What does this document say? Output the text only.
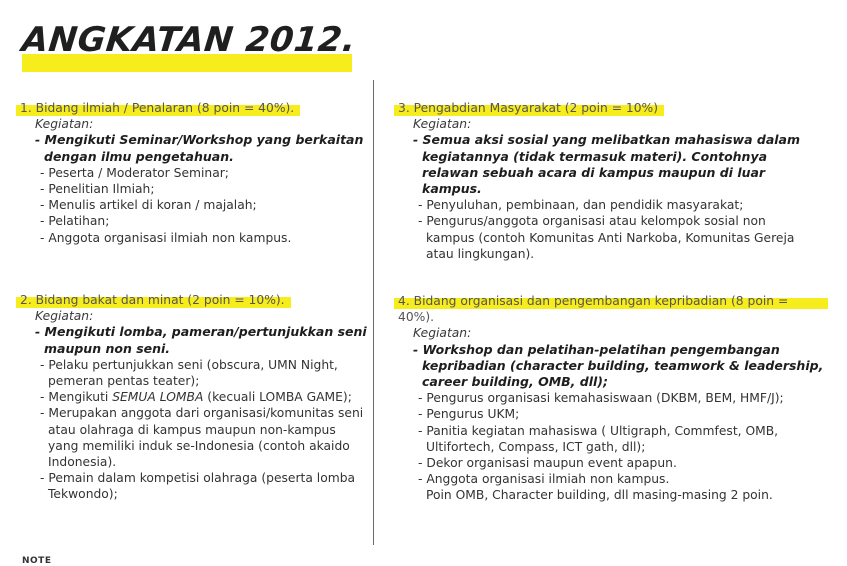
ANGKATAN 2012.
1. Bidang ilmiah / Penalaran (8 poin = 40%).

Kegiatan:

- Mengikuti Seminar/Workshop yang berkaitan dengan ilmu pengetahuan.

- Peserta / Moderator Seminar;

- Penelitian Ilmiah;

- Menulis artikel di koran / majalah;

- Pelatihan;

- Anggota organisasi ilmiah non kampus.

2. Bidang bakat dan minat (2 poin = 10%).

Kegiatan:

- Mengikuti lomba, pameran/pertunjukkan seni maupun non seni.

- Pelaku pertunjukkan seni (obscura, UMN Night, pemeran pentas teater);

- Mengikuti SEMUA LOMBA (kecuali LOMBA GAME);

- Merupakan anggota dari organisasi/komunitas seni atau olahraga di kampus maupun non-kampus yang memiliki induk se-Indonesia (contoh akaido Indonesia).

- Pemain dalam kompetisi olahraga (peserta lomba Tekwondo);

3. Pengabdian Masyarakat (2 poin = 10%)

Kegiatan:

- Semua aksi sosial yang melibatkan mahasiswa dalam kegiatannya (tidak termasuk materi). Contohnya relawan sebuah acara di kampus maupun di luar kampus.

- Penyuluhan, pembinaan, dan pendidik masyarakat;

- Pengurus/anggota organisasi atau kelompok sosial non kampus (contoh Komunitas Anti Narkoba, Komunitas Gereja atau lingkungan).

4. Bidang organisasi dan pengembangan kepribadian (8 poin = 40%).

Kegiatan:

- Workshop dan pelatihan-pelatihan pengembangan kepribadian (character building, teamwork & leadership, career building, OMB, dll);

- Pengurus organisasi kemahasiswaan (DKBM, BEM, HMF/J);

- Pengurus UKM;

- Panitia kegiatan mahasiswa ( Ultigraph, Commfest, OMB, Ultifortech, Compass, ICT gath, dll);

- Dekor organisasi maupun event apapun.

- Anggota organisasi ilmiah non kampus.

Poin OMB, Character building, dll masing-masing 2 poin.

NOTE
